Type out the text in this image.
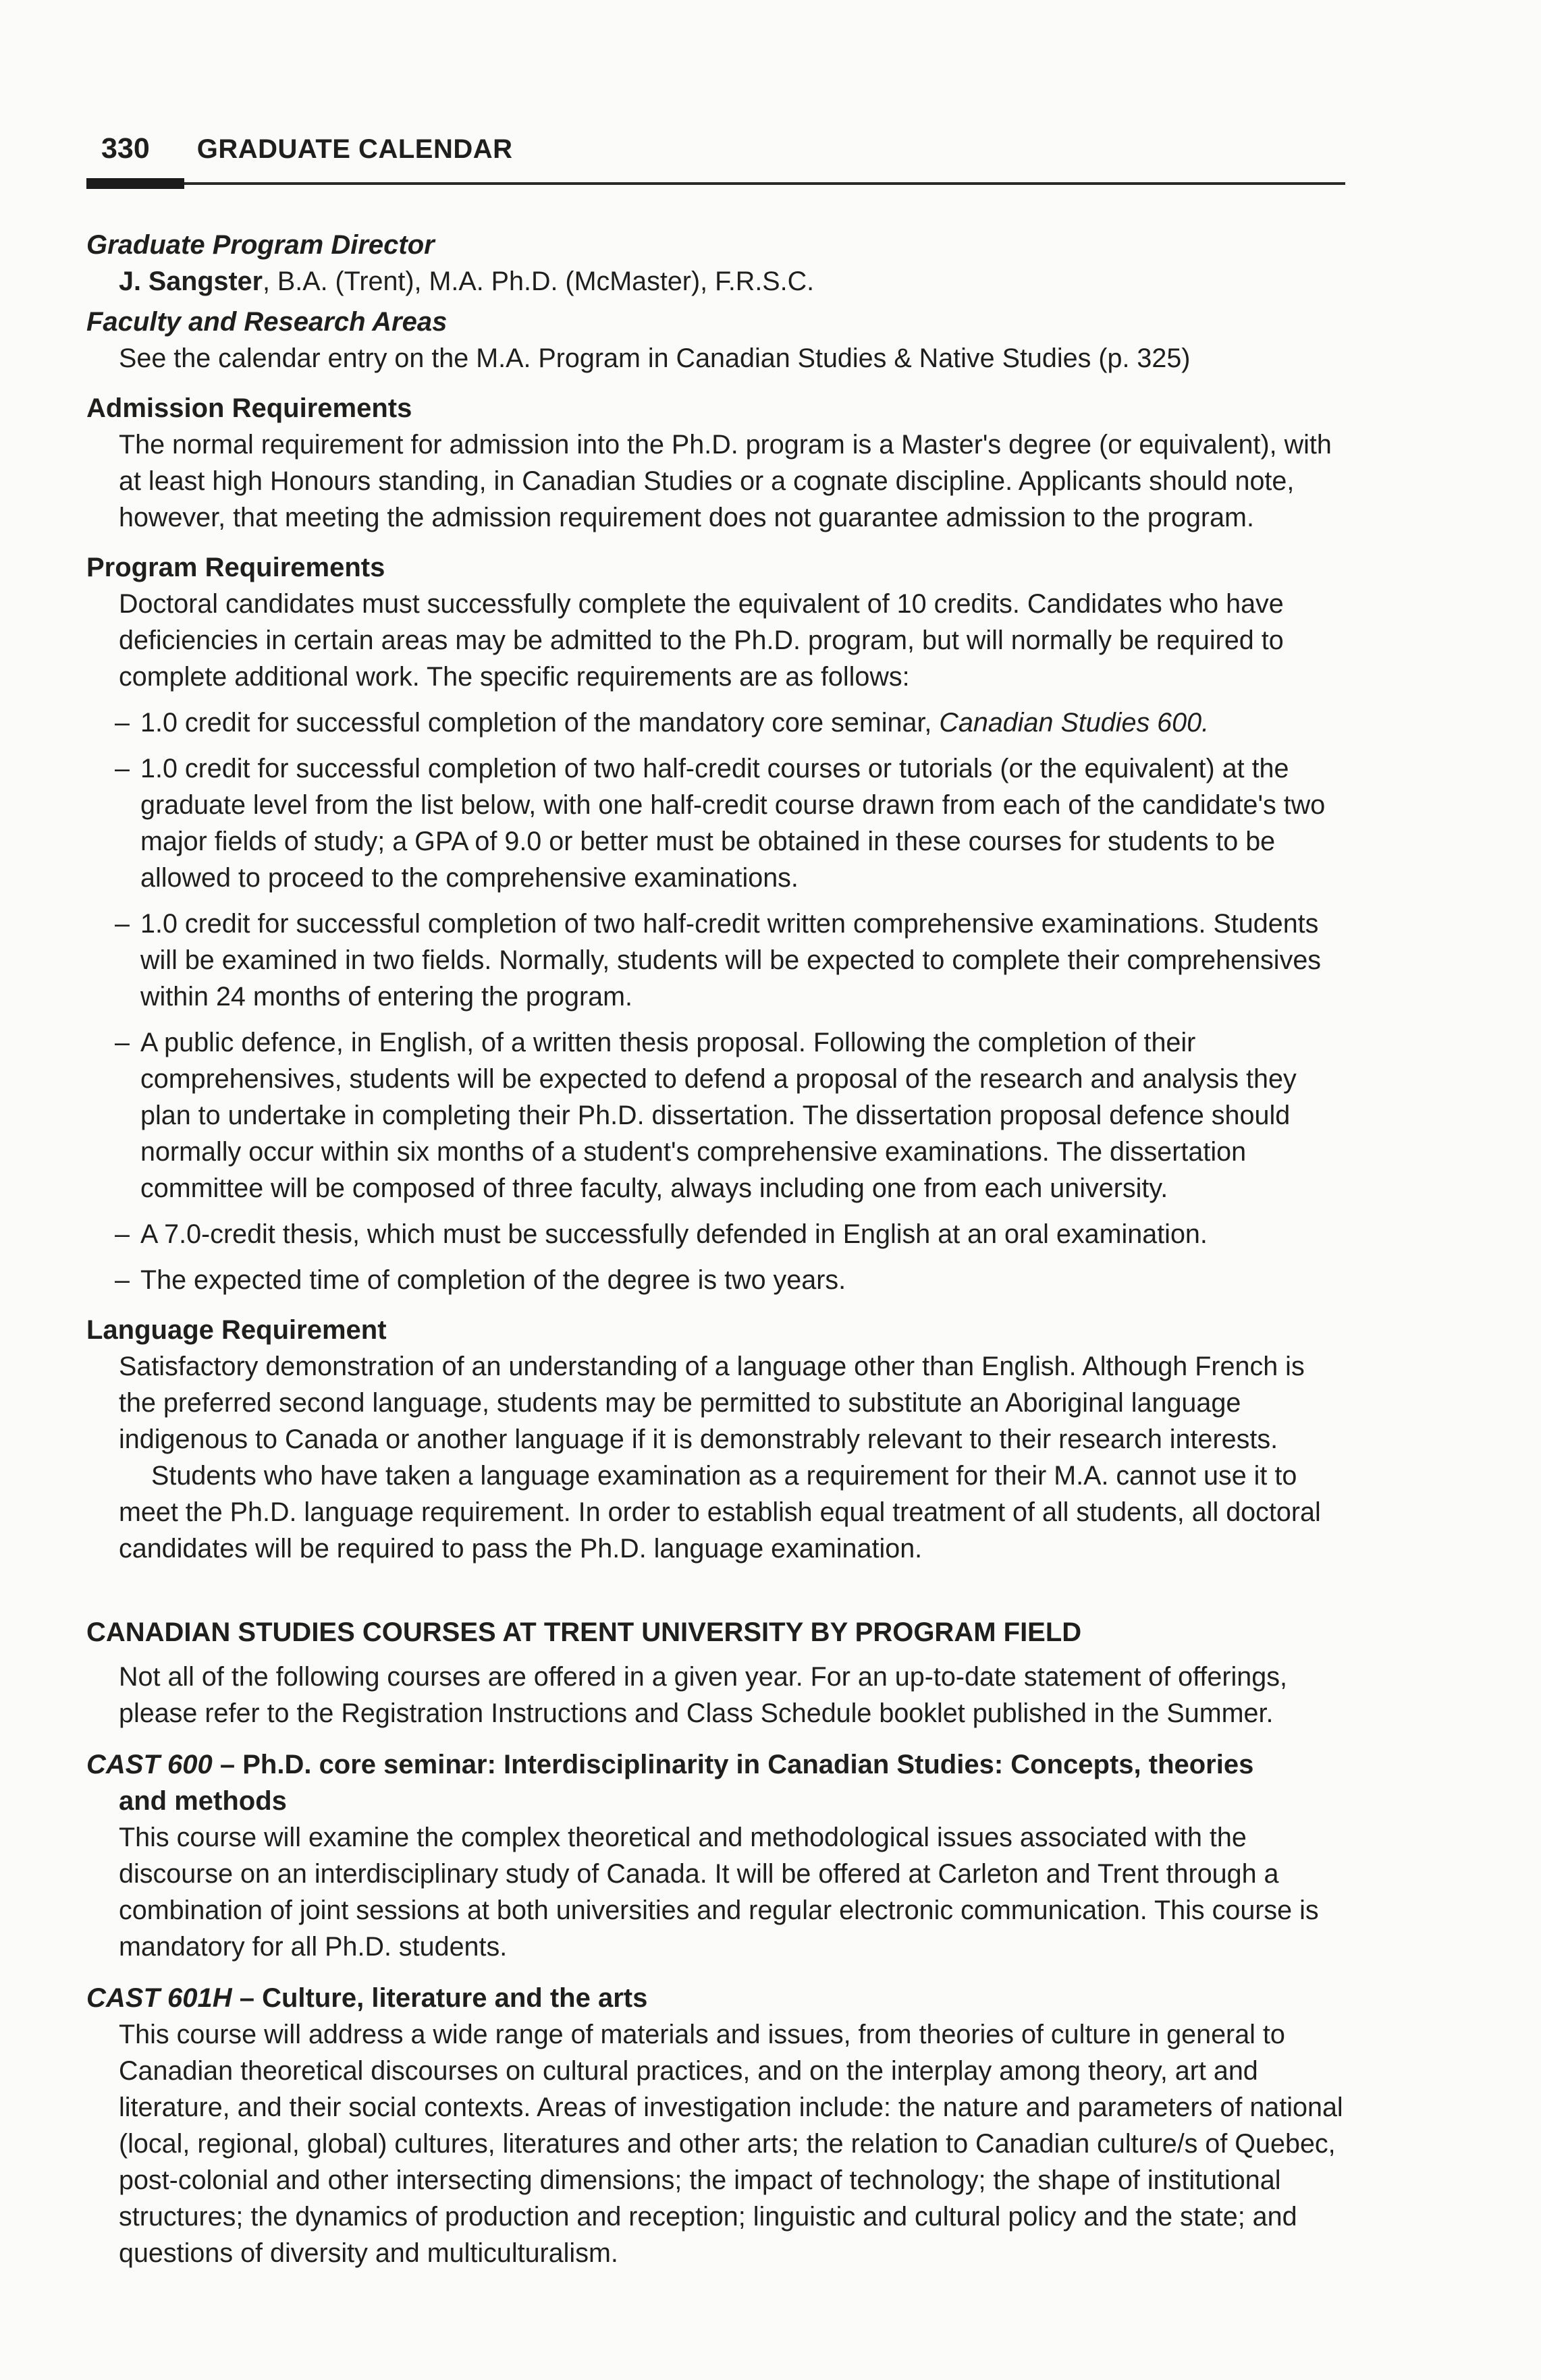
330 GRADUATE CALENDAR
Graduate Program Director
J. Sangster, B.A. (Trent), M.A. Ph.D. (McMaster), F.R.S.C.
Faculty and Research Areas
See the calendar entry on the M.A. Program in Canadian Studies & Native Studies (p. 325)
Admission Requirements
The normal requirement for admission into the Ph.D. program is a Master's degree (or equivalent), with at least high Honours standing, in Canadian Studies or a cognate discipline. Applicants should note, however, that meeting the admission requirement does not guarantee admission to the program.
Program Requirements
Doctoral candidates must successfully complete the equivalent of 10 credits. Candidates who have deficiencies in certain areas may be admitted to the Ph.D. program, but will normally be required to complete additional work. The specific requirements are as follows:
– 1.0 credit for successful completion of the mandatory core seminar, Canadian Studies 600.
– 1.0 credit for successful completion of two half-credit courses or tutorials (or the equivalent) at the graduate level from the list below, with one half-credit course drawn from each of the candidate's two major fields of study; a GPA of 9.0 or better must be obtained in these courses for students to be allowed to proceed to the comprehensive examinations.
– 1.0 credit for successful completion of two half-credit written comprehensive examinations. Students will be examined in two fields. Normally, students will be expected to complete their comprehensives within 24 months of entering the program.
– A public defence, in English, of a written thesis proposal. Following the completion of their comprehensives, students will be expected to defend a proposal of the research and analysis they plan to undertake in completing their Ph.D. dissertation. The dissertation proposal defence should normally occur within six months of a student's comprehensive examinations. The dissertation committee will be composed of three faculty, always including one from each university.
– A 7.0-credit thesis, which must be successfully defended in English at an oral examination.
– The expected time of completion of the degree is two years.
Language Requirement
Satisfactory demonstration of an understanding of a language other than English. Although French is the preferred second language, students may be permitted to substitute an Aboriginal language indigenous to Canada or another language if it is demonstrably relevant to their research interests.
Students who have taken a language examination as a requirement for their M.A. cannot use it to meet the Ph.D. language requirement. In order to establish equal treatment of all students, all doctoral candidates will be required to pass the Ph.D. language examination.
CANADIAN STUDIES COURSES AT TRENT UNIVERSITY BY PROGRAM FIELD
Not all of the following courses are offered in a given year. For an up-to-date statement of offerings, please refer to the Registration Instructions and Class Schedule booklet published in the Summer.
CAST 600 – Ph.D. core seminar: Interdisciplinarity in Canadian Studies: Concepts, theories
and methods
This course will examine the complex theoretical and methodological issues associated with the discourse on an interdisciplinary study of Canada. It will be offered at Carleton and Trent through a combination of joint sessions at both universities and regular electronic communication. This course is mandatory for all Ph.D. students.
CAST 601H – Culture, literature and the arts
This course will address a wide range of materials and issues, from theories of culture in general to Canadian theoretical discourses on cultural practices, and on the interplay among theory, art and literature, and their social contexts. Areas of investigation include: the nature and parameters of national (local, regional, global) cultures, literatures and other arts; the relation to Canadian culture/s of Quebec, post-colonial and other intersecting dimensions; the impact of technology; the shape of institutional structures; the dynamics of production and reception; linguistic and cultural policy and the state; and questions of diversity and multiculturalism.
